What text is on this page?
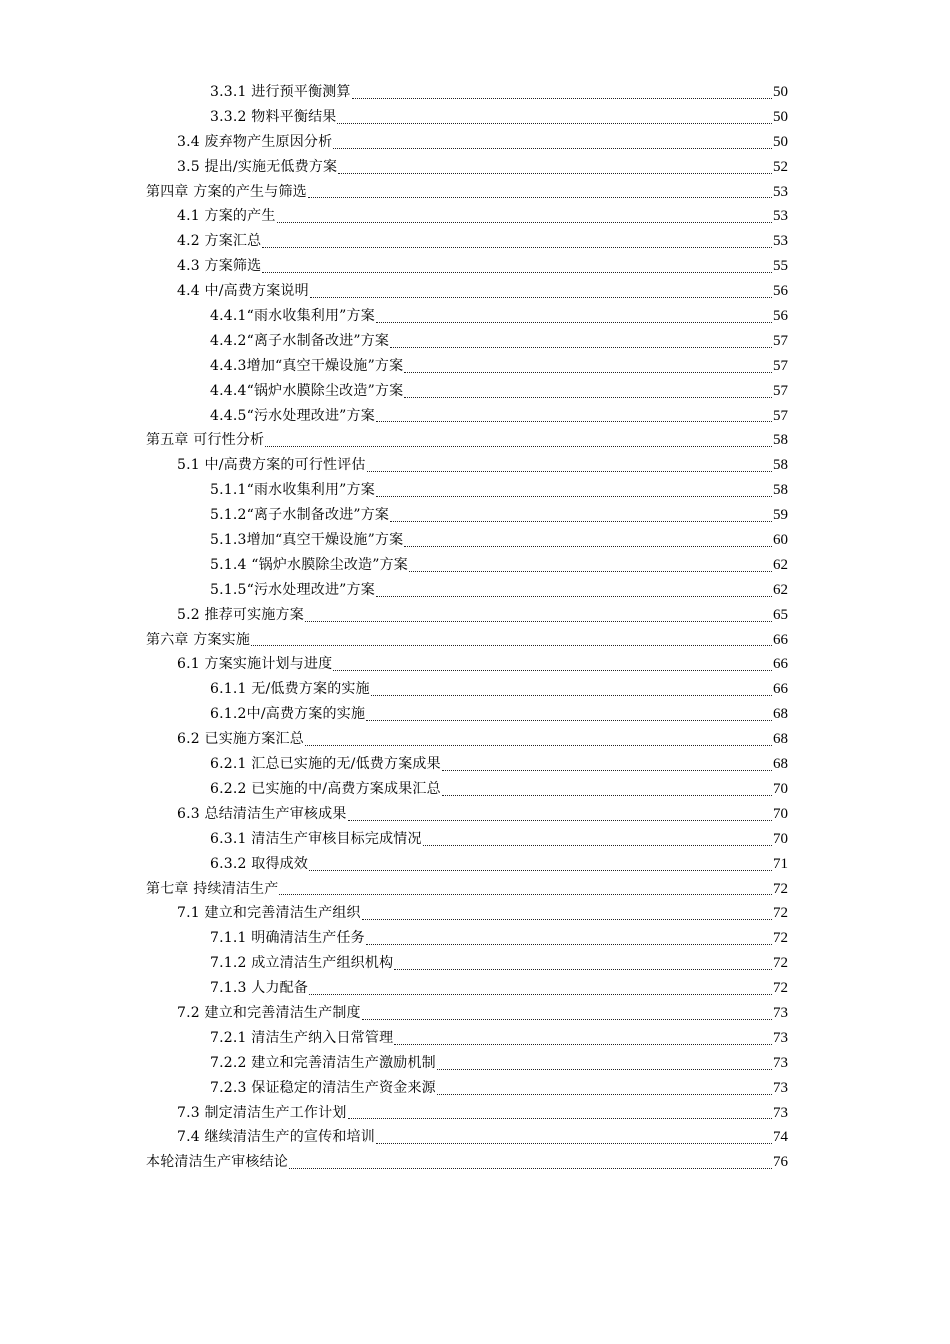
3.3.1 进行预平衡测算	50
3.3.2 物料平衡结果	50
3.4 废弃物产生原因分析	50
3.5 提出/实施无低费方案	52
第四章 方案的产生与筛选	53
4.1 方案的产生	53
4.2 方案汇总	53
4.3 方案筛选	55
4.4 中/高费方案说明	56
4.4.1“雨水收集利用”方案	56
4.4.2“离子水制备改进”方案	57
4.4.3增加“真空干燥设施”方案	57
4.4.4“锅炉水膜除尘改造”方案	57
4.4.5“污水处理改进”方案	57
第五章 可行性分析	58
5.1 中/高费方案的可行性评估	58
5.1.1“雨水收集利用”方案	58
5.1.2“离子水制备改进”方案	59
5.1.3增加“真空干燥设施”方案	60
5.1.4 “锅炉水膜除尘改造”方案	62
5.1.5“污水处理改进”方案	62
5.2 推荐可实施方案	65
第六章 方案实施	66
6.1 方案实施计划与进度	66
6.1.1 无/低费方案的实施	66
6.1.2中/高费方案的实施	68
6.2 已实施方案汇总	68
6.2.1 汇总已实施的无/低费方案成果	68
6.2.2 已实施的中/高费方案成果汇总	70
6.3 总结清洁生产审核成果	70
6.3.1 清洁生产审核目标完成情况	70
6.3.2 取得成效	71
第七章 持续清洁生产	72
7.1 建立和完善清洁生产组织	72
7.1.1 明确清洁生产任务	72
7.1.2 成立清洁生产组织机构	72
7.1.3 人力配备	72
7.2 建立和完善清洁生产制度	73
7.2.1 清洁生产纳入日常管理	73
7.2.2 建立和完善清洁生产激励机制	73
7.2.3 保证稳定的清洁生产资金来源	73
7.3 制定清洁生产工作计划	73
7.4 继续清洁生产的宣传和培训	74
本轮清洁生产审核结论	76
